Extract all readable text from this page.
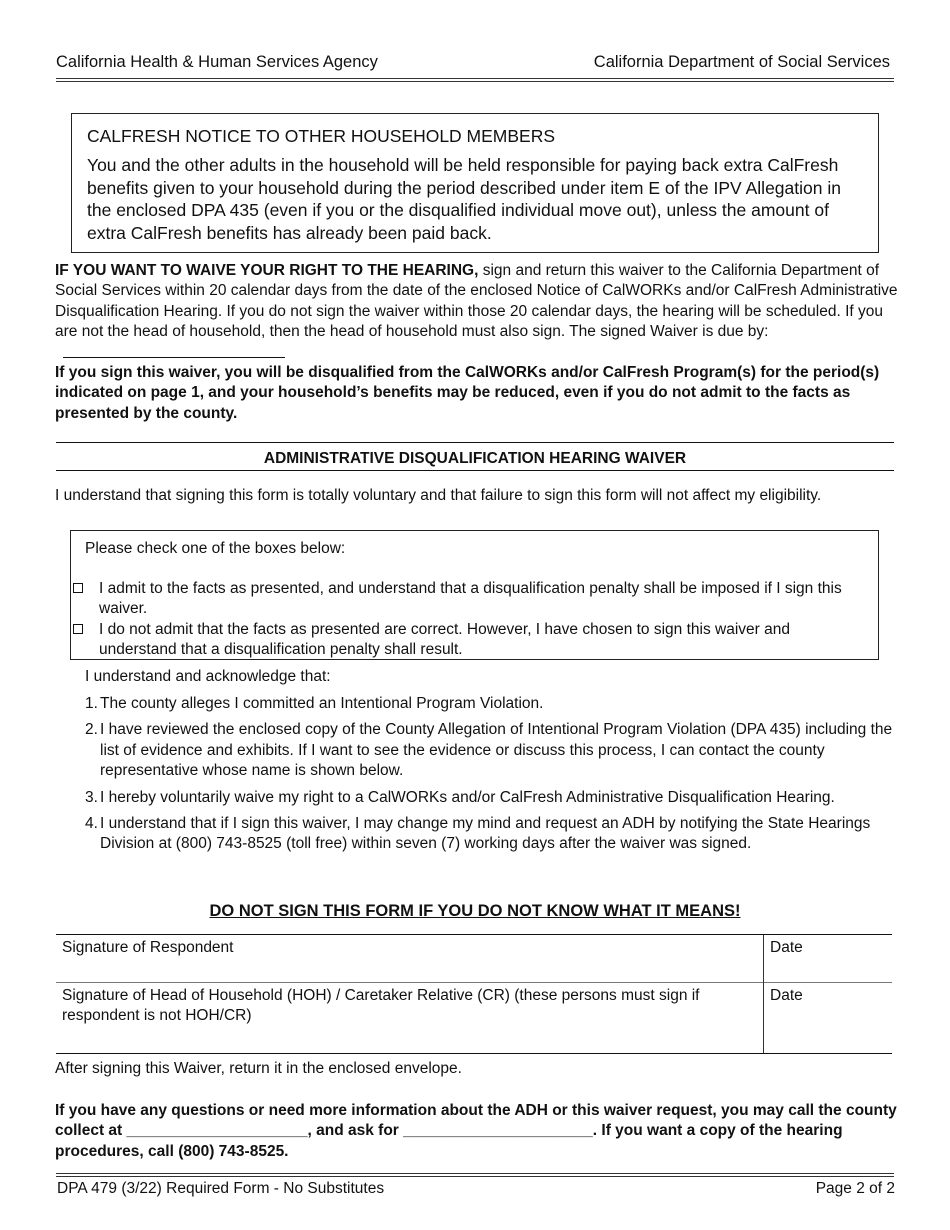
California Health & Human Services Agency	California Department of Social Services
CALFRESH NOTICE TO OTHER HOUSEHOLD MEMBERS
You and the other adults in the household will be held responsible for paying back extra CalFresh benefits given to your household during the period described under item E of the IPV Allegation in the enclosed DPA 435 (even if you or the disqualified individual move out), unless the amount of extra CalFresh benefits has already been paid back.
IF YOU WANT TO WAIVE YOUR RIGHT TO THE HEARING, sign and return this waiver to the California Department of Social Services within 20 calendar days from the date of the enclosed Notice of CalWORKs and/or CalFresh Administrative Disqualification Hearing. If you do not sign the waiver within those 20 calendar days, the hearing will be scheduled. If you are not the head of household, then the head of household must also sign. The signed Waiver is due by:
If you sign this waiver, you will be disqualified from the CalWORKs and/or CalFresh Program(s) for the period(s) indicated on page 1, and your household’s benefits may be reduced, even if you do not admit to the facts as presented by the county.
ADMINISTRATIVE DISQUALIFICATION HEARING WAIVER
I understand that signing this form is totally voluntary and that failure to sign this form will not affect my eligibility.
Please check one of the boxes below:
I admit to the facts as presented, and understand that a disqualification penalty shall be imposed if I sign this waiver.
I do not admit that the facts as presented are correct. However, I have chosen to sign this waiver and understand that a disqualification penalty shall result.
I understand and acknowledge that:
1. The county alleges I committed an Intentional Program Violation.
2. I have reviewed the enclosed copy of the County Allegation of Intentional Program Violation (DPA 435) including the list of evidence and exhibits. If I want to see the evidence or discuss this process, I can contact the county representative whose name is shown below.
3. I hereby voluntarily waive my right to a CalWORKs and/or CalFresh Administrative Disqualification Hearing.
4. I understand that if I sign this waiver, I may change my mind and request an ADH by notifying the State Hearings Division at (800) 743-8525 (toll free) within seven (7) working days after the waiver was signed.
DO NOT SIGN THIS FORM IF YOU DO NOT KNOW WHAT IT MEANS!
Signature of Respondent	Date
Signature of Head of Household (HOH) / Caretaker Relative (CR) (these persons must sign if respondent is not HOH/CR)	Date
After signing this Waiver, return it in the enclosed envelope.
If you have any questions or need more information about the ADH or this waiver request, you may call the county collect at _____________________, and ask for ______________________. If you want a copy of the hearing procedures, call (800) 743-8525.
DPA 479 (3/22) Required Form - No Substitutes	Page 2 of 2
